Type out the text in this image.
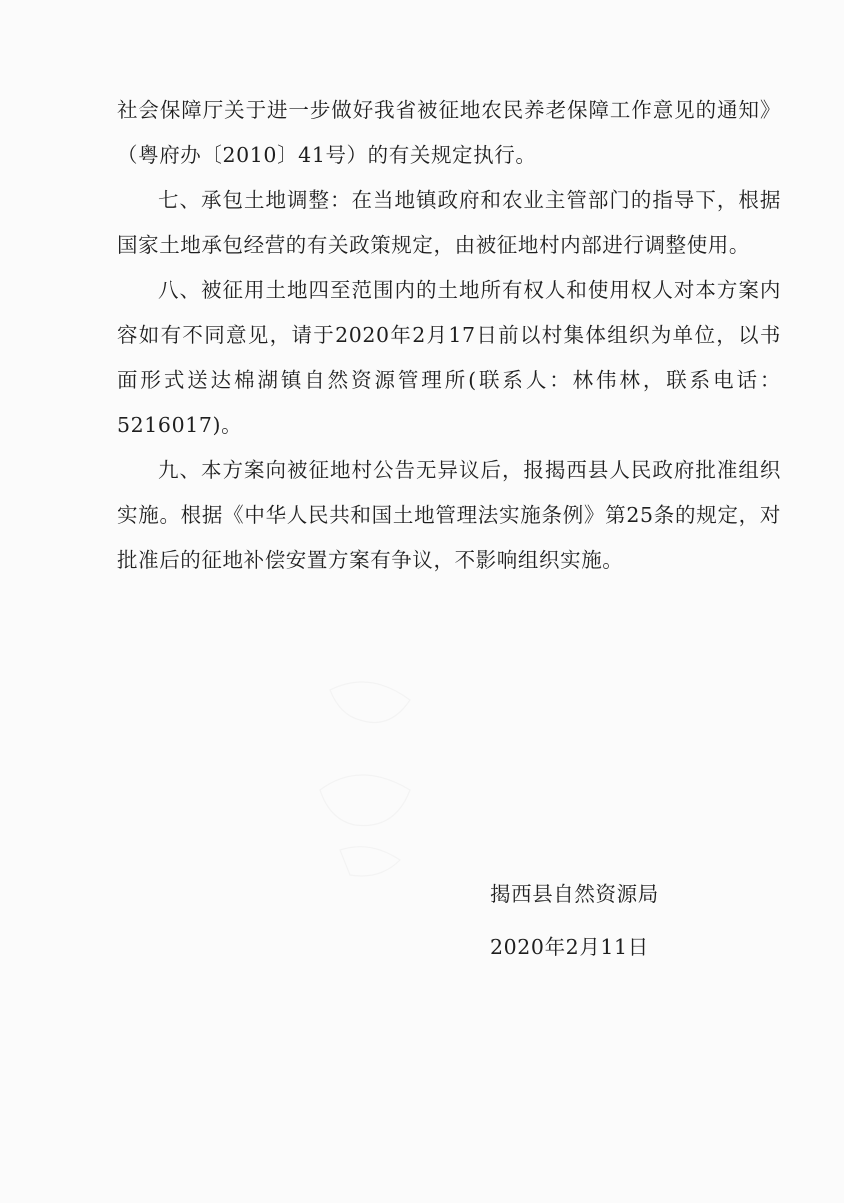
社会保障厅关于进一步做好我省被征地农民养老保障工作意见的通知》（粤府办〔2010〕41号）的有关规定执行。

七、承包土地调整：在当地镇政府和农业主管部门的指导下，根据国家土地承包经营的有关政策规定，由被征地村内部进行调整使用。

八、被征用土地四至范围内的土地所有权人和使用权人对本方案内容如有不同意见，请于2020年2月17日前以村集体组织为单位，以书面形式送达棉湖镇自然资源管理所(联系人：林伟林，联系电话：5216017)。

九、本方案向被征地村公告无异议后，报揭西县人民政府批准组织实施。根据《中华人民共和国土地管理法实施条例》第25条的规定，对批准后的征地补偿安置方案有争议，不影响组织实施。

揭西县自然资源局
2020年2月11日
